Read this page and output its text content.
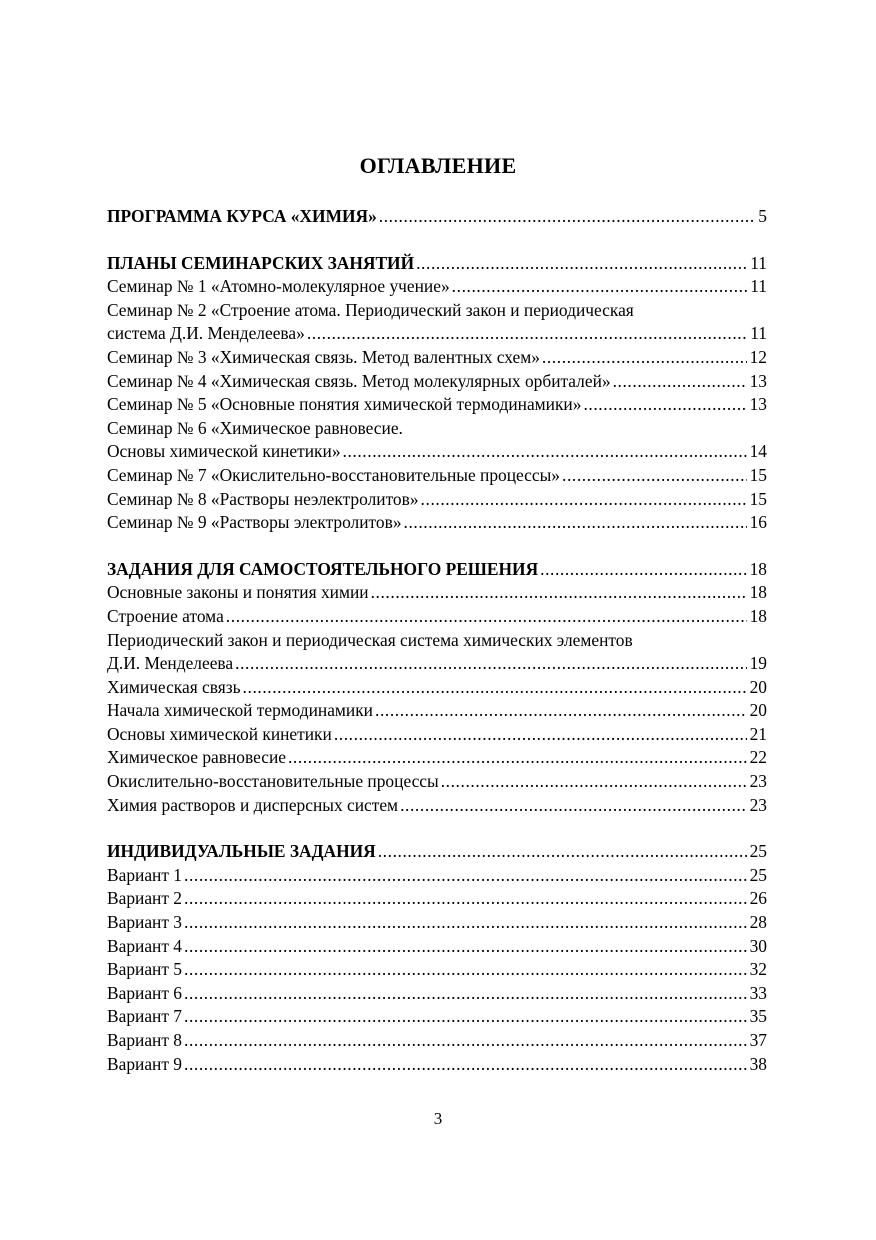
ОГЛАВЛЕНИЕ
ПРОГРАММА КУРСА «ХИМИЯ» .....	5
ПЛАНЫ СЕМИНАРСКИХ ЗАНЯТИЙ .....	11
Семинар № 1 «Атомно-молекулярное учение» .....	11
Семинар № 2 «Строение атома. Периодический закон и периодическая
система Д.И. Менделеева» .....	11
Семинар № 3 «Химическая связь. Метод валентных схем» .....	12
Семинар № 4 «Химическая связь. Метод молекулярных орбиталей» .....	13
Семинар № 5 «Основные понятия химической термодинамики» .....	13
Семинар № 6 «Химическое равновесие.
Основы химической кинетики» .....	14
Семинар № 7 «Окислительно-восстановительные процессы» .....	15
Семинар № 8 «Растворы неэлектролитов» .....	15
Семинар № 9 «Растворы электролитов» .....	16
ЗАДАНИЯ ДЛЯ САМОСТОЯТЕЛЬНОГО РЕШЕНИЯ .....	18
Основные законы и понятия химии .....	18
Строение атома .....	18
Периодический закон и периодическая система химических элементов
Д.И. Менделеева .....	19
Химическая связь .....	20
Начала химической термодинамики .....	20
Основы химической кинетики .....	21
Химическое равновесие .....	22
Окислительно-восстановительные процессы .....	23
Химия растворов и дисперсных систем .....	23
ИНДИВИДУАЛЬНЫЕ ЗАДАНИЯ .....	25
Вариант 1 .....	25
Вариант 2 .....	26
Вариант 3 .....	28
Вариант 4 .....	30
Вариант 5 .....	32
Вариант 6 .....	33
Вариант 7 .....	35
Вариант 8 .....	37
Вариант 9 .....	38
3
